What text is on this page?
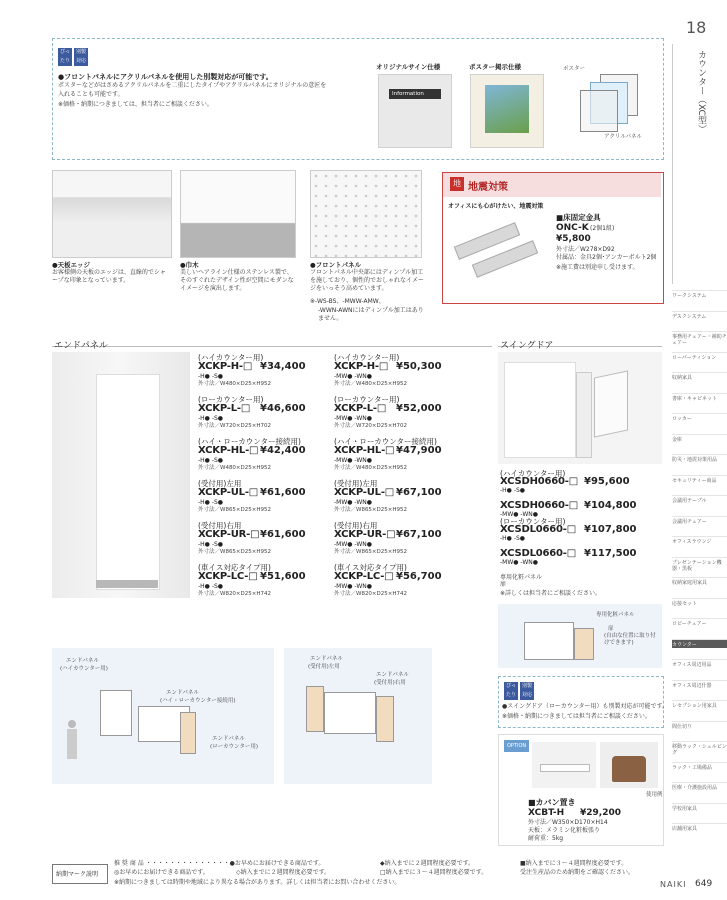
18
カウンター（XC型）
ぴったり
別製対応
●フロントパネルにアクリルパネルを使用した別製対応が可能です。
ポスターなどがはさめるアクリルパネルを二重にしたタイプやアクリルパネルにオリジナルの意匠を
入れることも可能です。
※価格・納期につきましては、担当者にご相談ください。
オリジナルサイン仕様	ポスター掲示仕様
Information
ポスター
アクリルパネル
●天板エッジ
お客様側の天板のエッジは、直線的でシャープな印象となっています。
●巾木
美しいヘアライン仕様のステンレス製で、そのすぐれたデザイン性が空間にモダンなイメージを演出します。
●フロントパネル
フロントパネル中央部にはディンプル加工を施しており、個性的でおしゃれなイメージをいっそう高めています。
※-WS-BS、-MWW-AMW、
-WWN-AWNにはディンプル加工はありません。
地 地震対策
オフィスにも心がけたい、地震対策
■床固定金具
ONC-K (2個1組)
¥5,800
外寸法／W278×D92
付属品：金具2個･アンカーボルト2個
※施工費は別途申し受けます。
エンドパネル
(ハイカウンター用)
XCKP-H-□ ¥34,400
-H● -S●
外寸法／W480×D25×H952
(ローカウンター用)
XCKP-L-□ ¥46,600
-H● -S●
外寸法／W720×D25×H702
(ハイ・ローカウンター接続用)
XCKP-HL-□ ¥42,400
-H● -S●
外寸法／W480×D25×H952
(受付用)左用
XCKP-UL-□ ¥61,600
-H● -S●
外寸法／W865×D25×H952
(受付用)右用
XCKP-UR-□ ¥61,600
-H● -S●
外寸法／W865×D25×H952
(車イス対応タイプ用)
XCKP-LC-□ ¥51,600
-H● -S●
外寸法／W820×D25×H742
(ハイカウンター用)
XCKP-H-□ ¥50,300
-MW● -WN●
外寸法／W480×D25×H952
(ローカウンター用)
XCKP-L-□ ¥52,000
-MW● -WN●
外寸法／W720×D25×H702
(ハイ・ローカウンター接続用)
XCKP-HL-□ ¥47,900
-MW● -WN●
外寸法／W480×D25×H952
(受付用)左用
XCKP-UL-□ ¥67,100
-MW● -WN●
外寸法／W865×D25×H952
(受付用)右用
XCKP-UR-□ ¥67,100
-MW● -WN●
外寸法／W865×D25×H952
(車イス対応タイプ用)
XCKP-LC-□ ¥56,700
-MW● -WN●
外寸法／W820×D25×H742
エンドパネル
(ハイカウンター用)
エンドパネル
(ハイ・ローカウンター接続用)
エンドパネル
(ローカウンター用)
エンドパネル
(受付用)左用
エンドパネル
(受付用)右用
スイングドア
(ハイカウンター用)
XCSDH0660-□ ¥95,600
-H● -S●
XCSDH0660-□ ¥104,800
-MW● -WN●
(ローカウンター用)
XCSDL0660-□ ¥107,800
-H● -S●
XCSDL0660-□ ¥117,500
-MW● -WN●
専用化粧パネル
扉
※詳しくは担当者にご相談ください。
専用化粧パネル
扉
(自由な位置に取り付けできます)
ぴったり
別製対応
●スイングドア（ローカウンター用）も別製対応が可能です。
※価格・納期につきましては担当者にご相談ください。
OPTION
使用例
■カバン置き
XCBT-H ¥29,200
外寸法／W350×D170×H14
天板：メラミン化粧板張り
耐荷重：5kg
ワークシステム
デスクシステム
事務用チェアー・補助チェアー
ローパーティション
収納家具
書庫・キャビネット
ロッカー
金庫
防災・地震対策用品
セキュリティー商品
会議用テーブル
会議用チェアー
オフィスラウンジ
プレゼンテーション機器・黒板
収納家庭用家具
応接セット
ロビーチェアー
カウンター
オフィス周辺用品
オフィス周辺什器
レセプション用家具
間仕切り
移動ラック・シェルビング
ラック・工場備品
医療・介護施設用品
学校用家具
店舗用家具
納期マーク説明
推 奨 商 品 ・・・・・・・・・・・・・・●お早めにお届けできる商品です。	◆納入までに２週間程度必要です。	■納入までに３～４週間程度必要です。
◎お早めにお届けできる商品です。	◇納入までに２週間程度必要です。	□納入までに３～４週間程度必要です。	受注生産品のため納期をご確認ください。
※納期につきましては時期や地域により異なる場合があります。詳しくは担当者にお問い合わせください。	NAIKI 649
